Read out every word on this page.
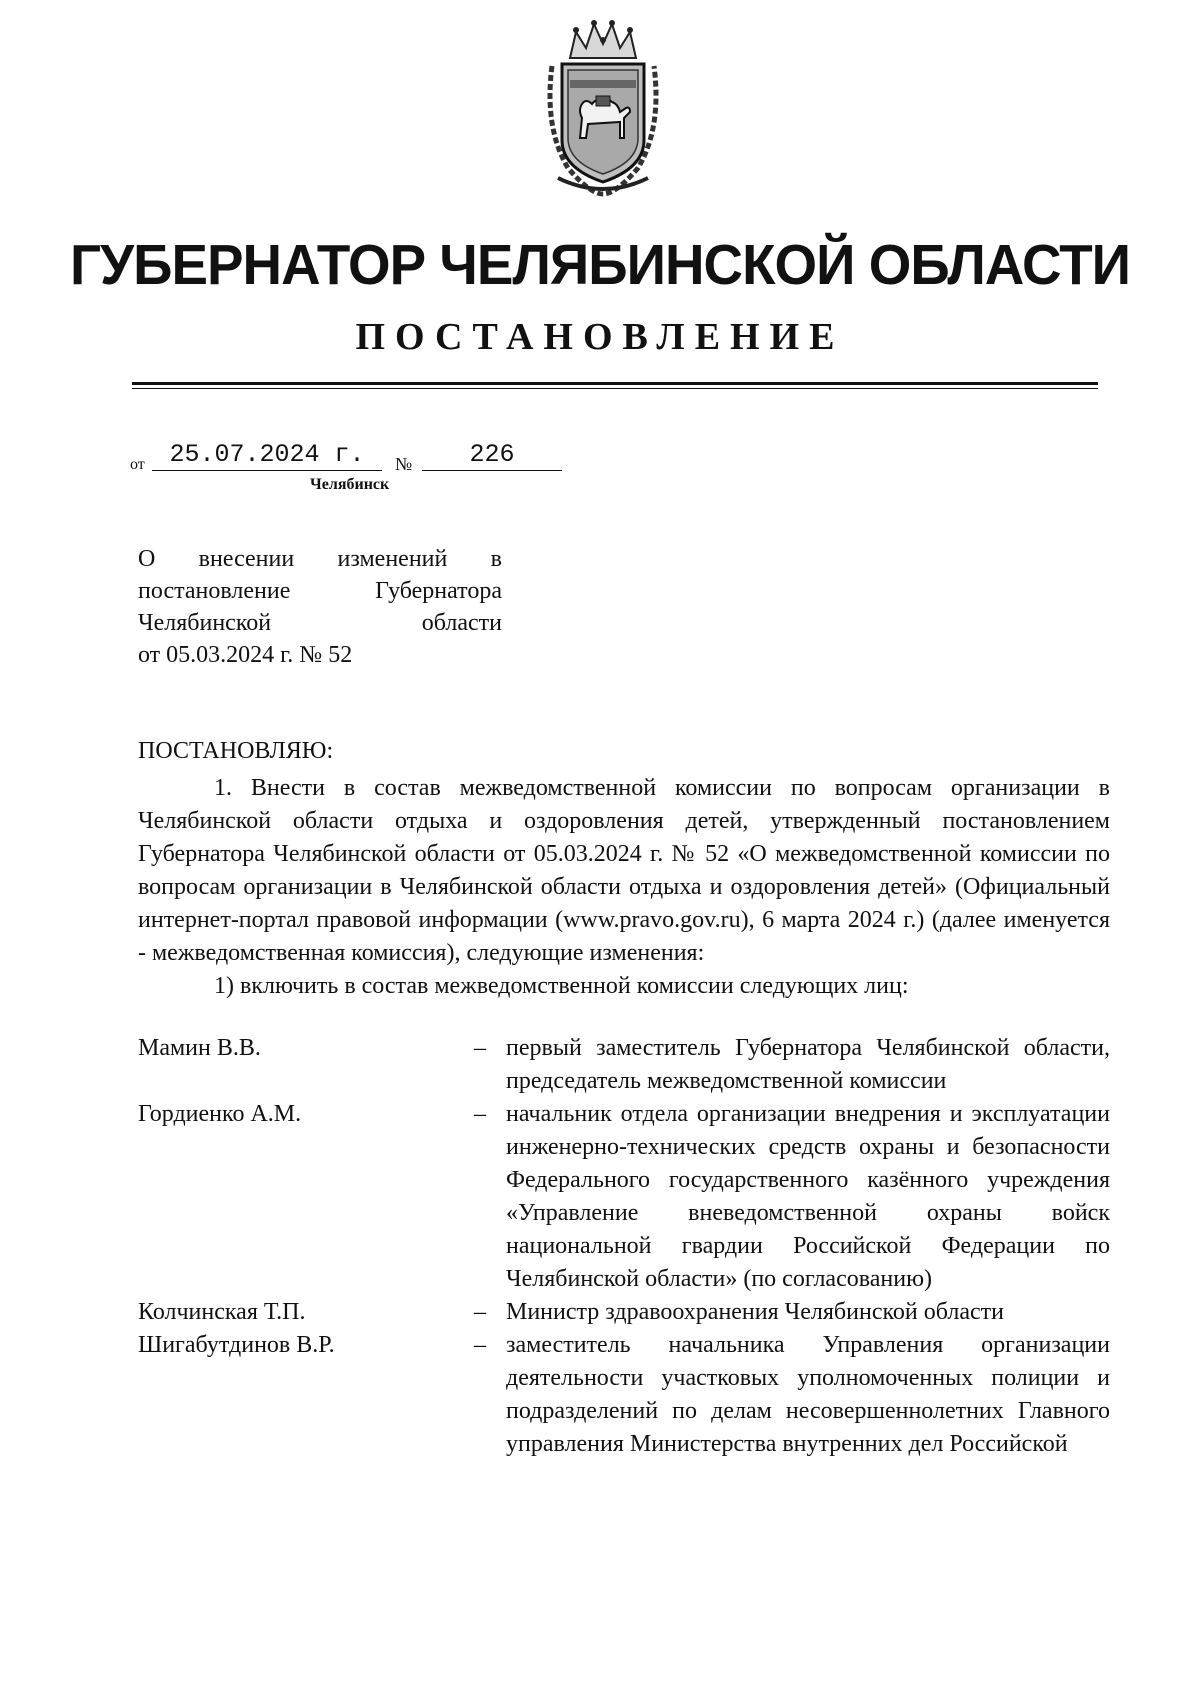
ГУБЕРНАТОР ЧЕЛЯБИНСКОЙ ОБЛАСТИ
ПОСТАНОВЛЕНИЕ
от 25.07.2024 г.	№	226
Челябинск
О внесении изменений в
постановление	Губернатора
Челябинской	области
от 05.03.2024 г. № 52
ПОСТАНОВЛЯЮ:

1. Внести в состав межведомственной комиссии по вопросам организации в Челябинской области отдыха и оздоровления детей, утвержденный постановлением Губернатора Челябинской области от 05.03.2024 г. № 52 «О межведомственной комиссии по вопросам организации в Челябинской области отдыха и оздоровления детей» (Официальный интернет-портал правовой информации (www.pravo.gov.ru), 6 марта 2024 г.) (далее именуется - межведомственная комиссия), следующие изменения:

1) включить в состав межведомственной комиссии следующих лиц:

Мамин В.В.	– первый заместитель Губернатора Челябинской области, председатель межведомственной комиссии
Гордиенко А.М.	– начальник отдела организации внедрения и эксплуатации инженерно-технических средств охраны и безопасности Федерального государственного казённого учреждения «Управление вневедомственной охраны войск национальной гвардии Российской Федерации по Челябинской области» (по согласованию)
Колчинская Т.П.	– Министр здравоохранения Челябинской области
Шигабутдинов В.Р.	– заместитель начальника Управления организации деятельности участковых уполномоченных полиции и подразделений по делам несовершеннолетних Главного управления Министерства внутренних дел Российской
